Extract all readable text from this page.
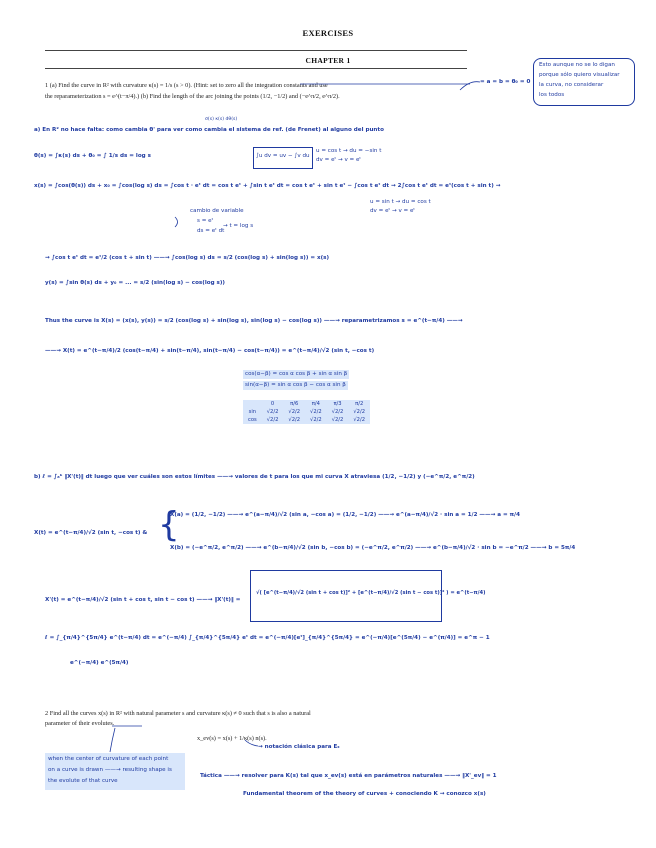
EXERCISES
CHAPTER 1
1 (a) Find the curve in R² with curvature κ(s) = 1/s (s > 0). (Hint: set to zero all the integration constants and use
the reparameterization s = e^(t−π/4).) (b) Find the length of the arc joining the points (1/2, −1/2) and (−e^π/2, e^π/2).
= a = b = θ₀ = 0
Esto aunque no se lo digan
porque sólo quiero visualizar
la curva, no considerar
los todos
σ(s) κ(s) dθ(s)
a) En R² no hace falta: como cambia θ' para ver como cambia el sistema de ref. (de Frenet) al alguno del punto
θ(s) = ∫κ(s) ds + θ₀ = ∫ 1/s ds = log s	∫u dv = uv − ∫v du
u = cos t → du = −sin t
dv = eᵗ → v = eᵗ
x(s) = ∫cos(θ(s)) ds + x₀ = ∫cos(log s) ds = ∫cos t · eᵗ dt = cos t eᵗ + ∫sin t eᵗ dt = cos t eᵗ + sin t eᵗ − ∫cos t eᵗ dt → 2∫cos t eᵗ dt = eᵗ(cos t + sin t) →
u = sin t → du = cos t
dv = eᵗ → v = eᵗ
cambio de variable
s = eᵗ
→ t = log s
ds = eᵗ dt
→ ∫cos t eᵗ dt = eᵗ/2 (cos t + sin t) ——→ ∫cos(log s) ds = s/2 (cos(log s) + sin(log s)) = x(s)
y(s) = ∫sin θ(s) ds + y₀ = ... = s/2 (sin(log s) − cos(log s))
Thus the curve is X(s) = (x(s), y(s)) = s/2 (cos(log s) + sin(log s), sin(log s) − cos(log s)) ——→ reparametrizamos s = e^(t−π/4) ——→
——→ X(t) = e^(t−π/4)/2 (cos(t−π/4) + sin(t−π/4), sin(t−π/4) − cos(t−π/4)) = e^(t−π/4)/√2 (sin t, −cos t)
cos(α−β) = cos α cos β + sin α sin β
sin(α−β) = sin α cos β − cos α sin β
	0	π/6	π/4	π/3	π/2
sin	√2/2	√2/2	√2/2	√2/2	√2/2
cos	√2/2	√2/2	√2/2	√2/2	√2/2
b) ℓ = ∫ₐᵇ ‖X'(t)‖ dt luego que ver cuáles son estos límites ——→ valores de t para los que mi curva X atraviesa (1/2, −1/2) y (−e^π/2, e^π/2)
X(t) = e^(t−π/4)/√2 (sin t, −cos t) & {
X(a) = (1/2, −1/2) ——→ e^(a−π/4)/√2 (sin a, −cos a) = (1/2, −1/2) ——→ e^(a−π/4)/√2 · sin a = 1/2 ——→ a = π/4
X(b) = (−e^π/2, e^π/2) ——→ e^(b−π/4)/√2 (sin b, −cos b) = (−e^π/2, e^π/2) ——→ e^(b−π/4)/√2 · sin b = −e^π/2 ——→ b = 5π/4
X'(t) = e^(t−π/4)/√2 (sin t + cos t, sin t − cos t) ——→ ‖X'(t)‖ =
√( [e^(t−π/4)/√2 (sin t + cos t)]² + [e^(t−π/4)/√2 (sin t − cos t)]² ) = e^(t−π/4)
ℓ = ∫_{π/4}^{5π/4} e^(t−π/4) dt = e^(−π/4) ∫_{π/4}^{5π/4} eᵗ dt = e^(−π/4)[eᵗ]_{π/4}^{5π/4} = e^(−π/4)[e^(5π/4) − e^(π/4)] = e^π − 1
e^(−π/4) e^(5π/4)
2 Find all the curves x(s) in R² with natural parameter s and curvature κ(s) ≠ 0 such that s is also a natural
parameter of their evolutes.
x_ev(s) = x(s) + 1/κ(s) n(s).
→ notación clásica para Eₓ
when the center of curvature of each point
on a curve is drawn ——→ resulting shape is
the evolute of that curve
Táctica ——→ resolver para K(s) tal que x_ev(s) está en parámetros naturales ——→ ‖X'_ev‖ = 1
Fundamental theorem of the theory of curves + conociendo K → conozco x(s)
